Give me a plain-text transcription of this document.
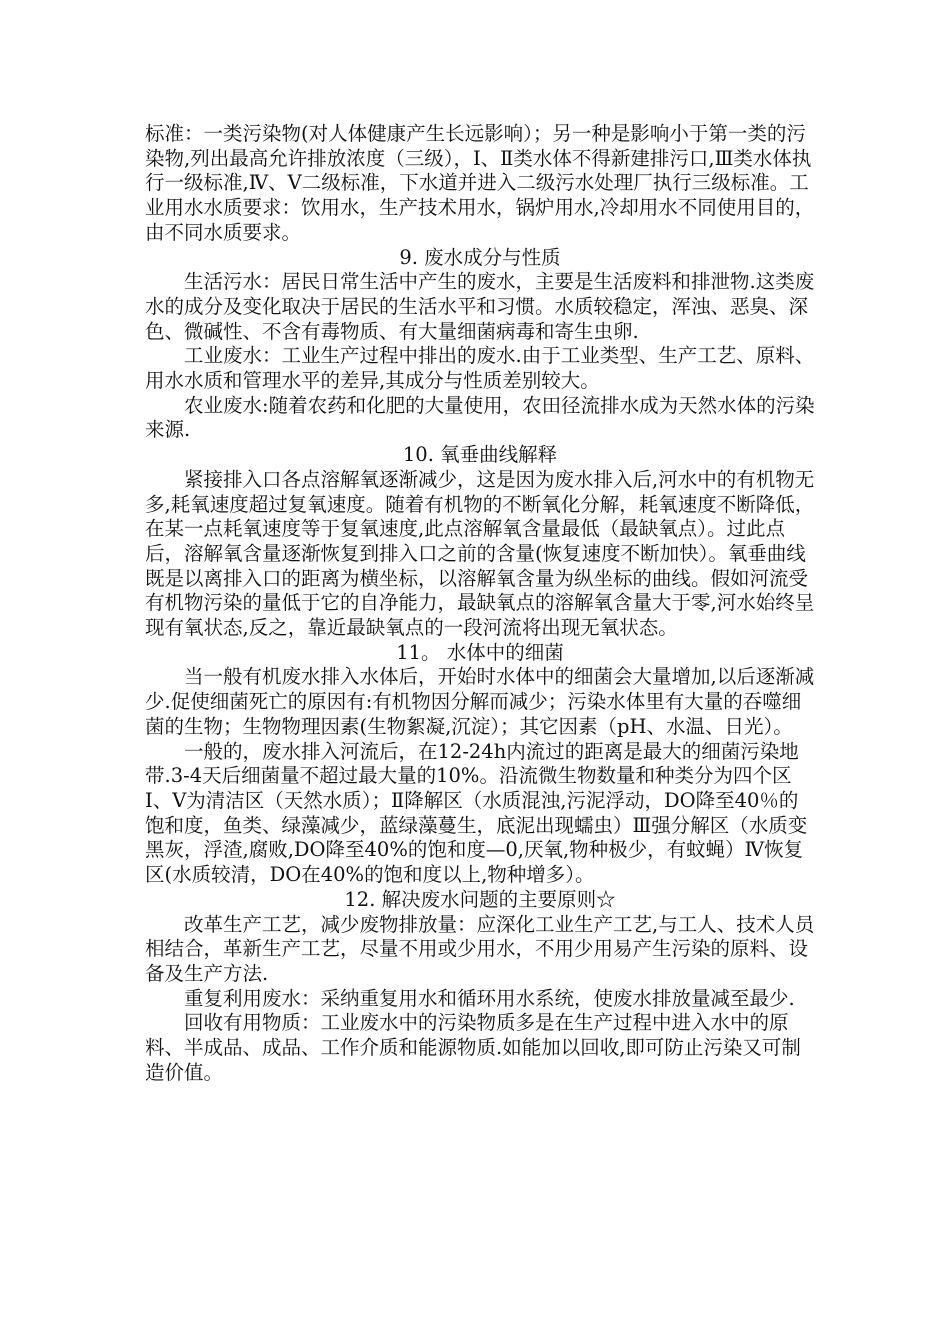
标准：一类污染物(对人体健康产生长远影响）；另一种是影响小于第一类的污染物,列出最高允许排放浓度（三级），Ⅰ、Ⅱ类水体不得新建排污口,Ⅲ类水体执行一级标准,Ⅳ、Ⅴ二级标准，下水道并进入二级污水处理厂执行三级标准。工业用水水质要求：饮用水，生产技术用水，锅炉用水,冷却用水不同使用目的，由不同水质要求。

9. 废水成分与性质

生活污水：居民日常生活中产生的废水，主要是生活废料和排泄物.这类废水的成分及变化取决于居民的生活水平和习惯。水质较稳定，浑浊、恶臭、深色、微碱性、不含有毒物质、有大量细菌病毒和寄生虫卵.

工业废水：工业生产过程中排出的废水.由于工业类型、生产工艺、原料、用水水质和管理水平的差异,其成分与性质差别较大。

农业废水:随着农药和化肥的大量使用，农田径流排水成为天然水体的污染来源.

10. 氧垂曲线解释

紧接排入口各点溶解氧逐渐减少，这是因为废水排入后,河水中的有机物无多,耗氧速度超过复氧速度。随着有机物的不断氧化分解，耗氧速度不断降低，在某一点耗氧速度等于复氧速度,此点溶解氧含量最低（最缺氧点）。过此点后，溶解氧含量逐渐恢复到排入口之前的含量(恢复速度不断加快）。氧垂曲线既是以离排入口的距离为横坐标，以溶解氧含量为纵坐标的曲线。假如河流受有机物污染的量低于它的自净能力，最缺氧点的溶解氧含量大于零,河水始终呈现有氧状态,反之，靠近最缺氧点的一段河流将出现无氧状态。

11。 水体中的细菌

当一般有机废水排入水体后，开始时水体中的细菌会大量增加,以后逐渐减少.促使细菌死亡的原因有:有机物因分解而减少；污染水体里有大量的吞噬细菌的生物；生物物理因素(生物絮凝,沉淀）；其它因素（pH、水温、日光）。

一般的，废水排入河流后，在12-24h内流过的距离是最大的细菌污染地带.3-4天后细菌量不超过最大量的10%。沿流微生物数量和种类分为四个区Ⅰ、Ⅴ为清洁区（天然水质）；Ⅱ降解区（水质混浊,污泥浮动，DO降至40％的饱和度，鱼类、绿藻减少，蓝绿藻蔓生，底泥出现蠕虫）Ⅲ强分解区（水质变黑灰，浮渣,腐败,DO降至40%的饱和度—0,厌氧,物种极少，有蚊蝇）Ⅳ恢复区(水质较清，DO在40%的饱和度以上,物种增多）。

12. 解决废水问题的主要原则☆

改革生产工艺，减少废物排放量：应深化工业生产工艺,与工人、技术人员相结合，革新生产工艺，尽量不用或少用水，不用少用易产生污染的原料、设备及生产方法.

重复利用废水：采纳重复用水和循环用水系统，使废水排放量减至最少.

回收有用物质：工业废水中的污染物质多是在生产过程中进入水中的原料、半成品、成品、工作介质和能源物质.如能加以回收,即可防止污染又可制造价值。
